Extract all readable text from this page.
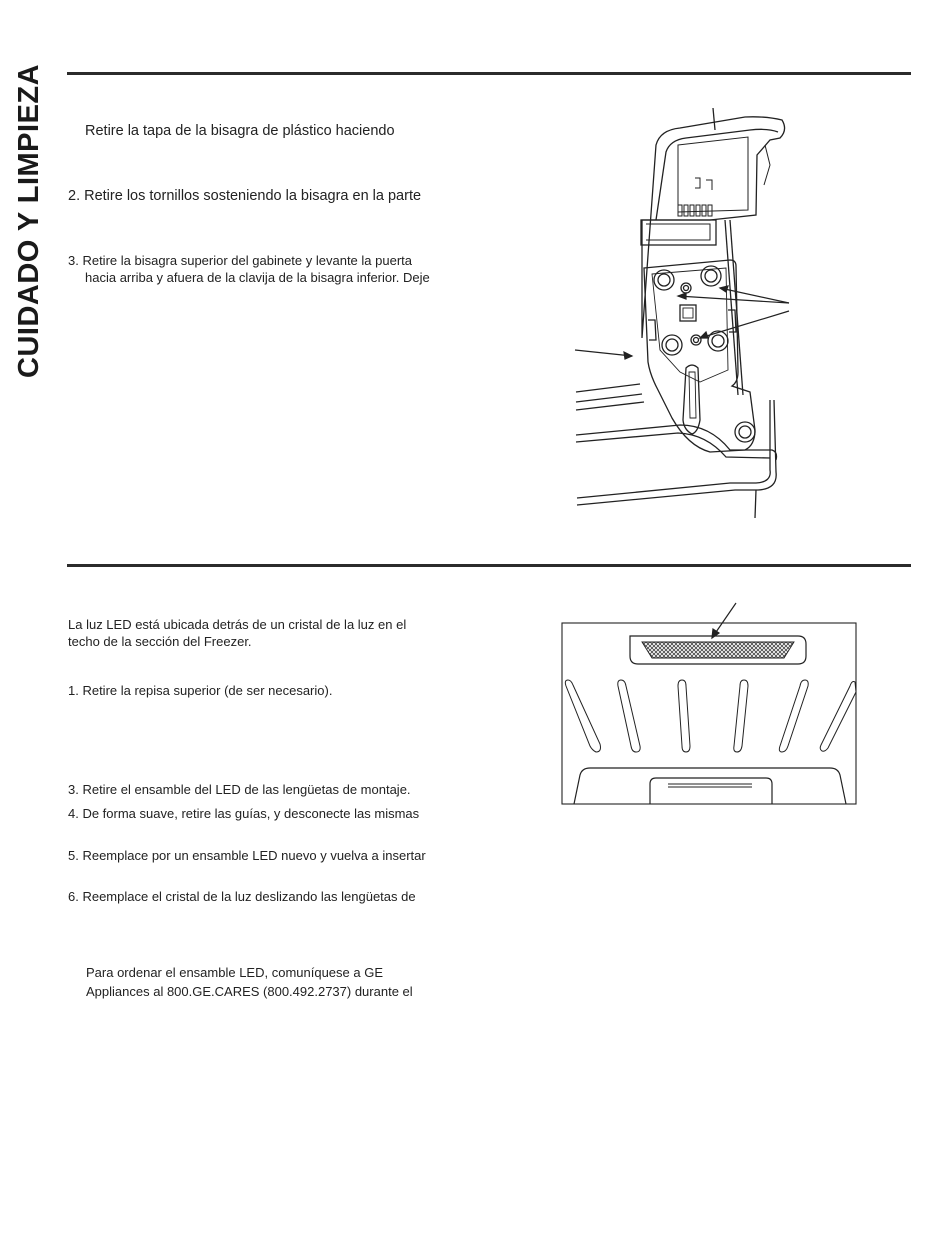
CUIDADO Y LIMPIEZA	Retire la tapa de la bisagra de plástico haciendo
2. Retire los tornillos sosteniendo la bisagra en la parte
3. Retire la bisagra superior del gabinete y levante la puerta
hacia arriba y afuera de la clavija de la bisagra inferior. Deje
La luz LED está ubicada detrás de un cristal de la luz en el
techo de la sección del Freezer.
1. Retire la repisa superior (de ser necesario).
3. Retire el ensamble del LED de las lengüetas de montaje.
4. De forma suave, retire las guías, y desconecte las mismas
5. Reemplace por un ensamble LED nuevo y vuelva a insertar
6. Reemplace el cristal de la luz deslizando las lengüetas de
Para ordenar el ensamble LED, comuníquese a GE
Appliances al 800.GE.CARES (800.492.2737) durante el
